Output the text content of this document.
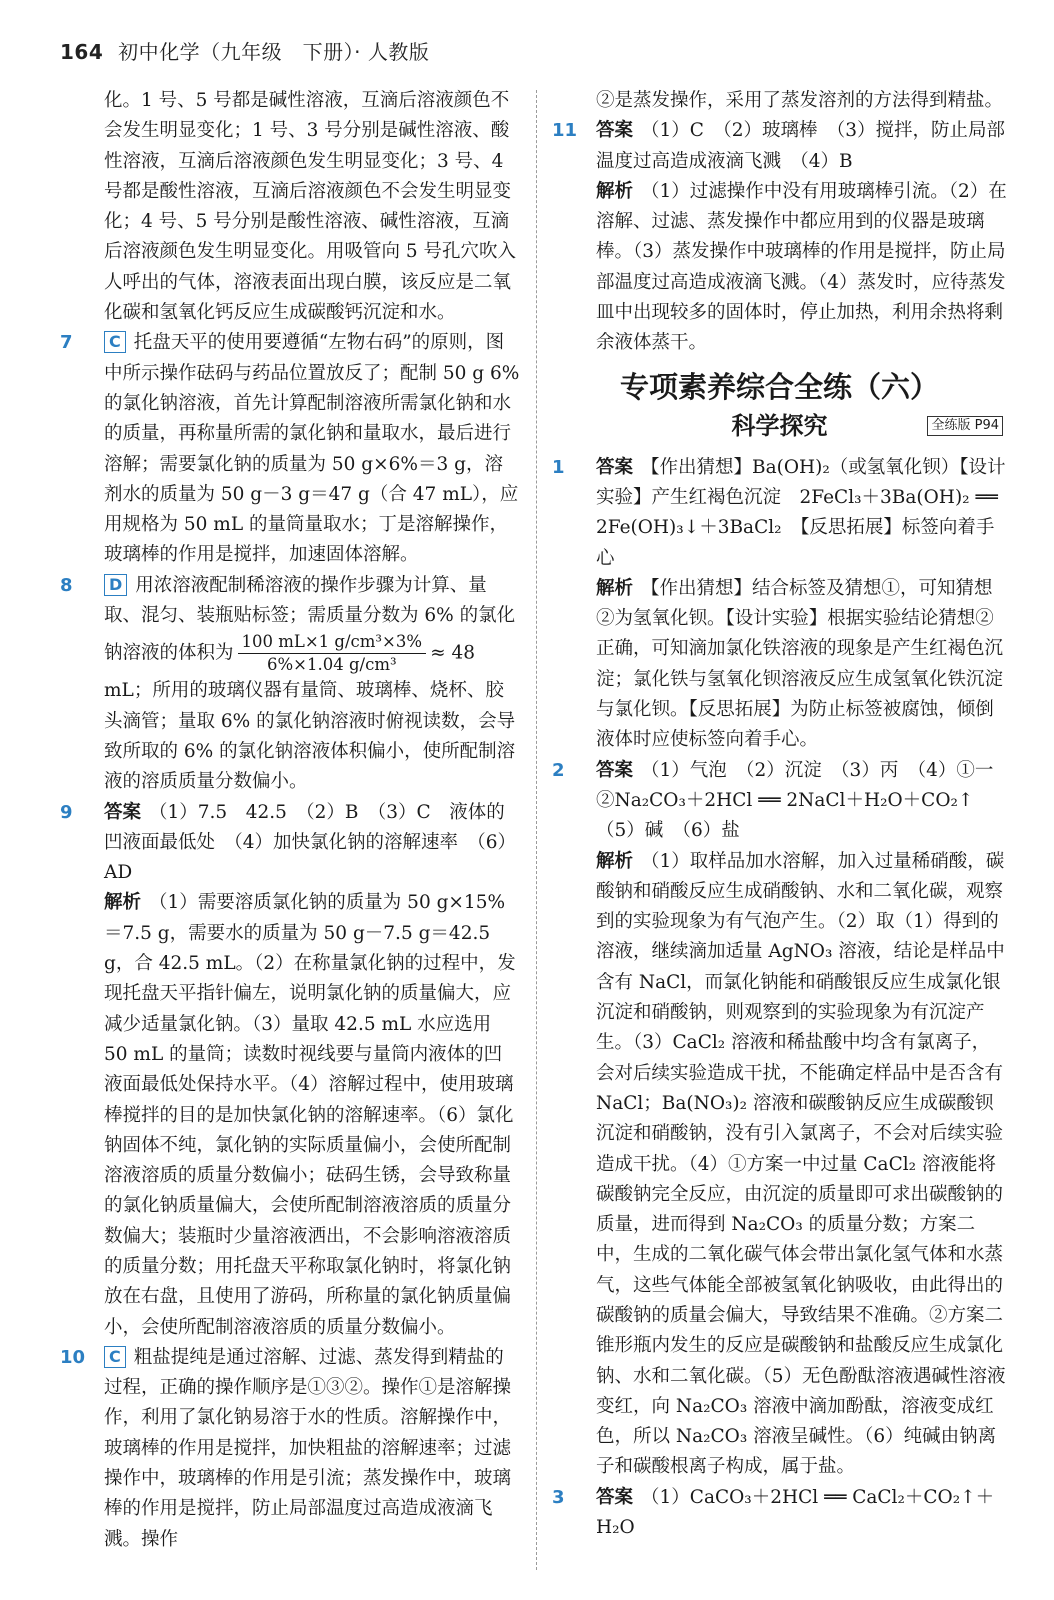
164 初中化学（九年级　下册）· 人教版
化。1 号、5 号都是碱性溶液，互滴后溶液颜色不会发生明显变化；1 号、3 号分别是碱性溶液、酸性溶液，互滴后溶液颜色发生明显变化；3 号、4 号都是酸性溶液，互滴后溶液颜色不会发生明显变化；4 号、5 号分别是酸性溶液、碱性溶液，互滴后溶液颜色发生明显变化。用吸管向 5 号孔穴吹入人呼出的气体，溶液表面出现白膜，该反应是二氧化碳和氢氧化钙反应生成碳酸钙沉淀和水。
7 C 托盘天平的使用要遵循“左物右码”的原则，图中所示操作砝码与药品位置放反了；配制 50 g 6% 的氯化钠溶液，首先计算配制溶液所需氯化钠和水的质量，再称量所需的氯化钠和量取水，最后进行溶解；需要氯化钠的质量为 50 g×6%＝3 g，溶剂水的质量为 50 g－3 g＝47 g（合 47 mL），应用规格为 50 mL 的量筒量取水；丁是溶解操作，玻璃棒的作用是搅拌，加速固体溶解。
8 D 用浓溶液配制稀溶液的操作步骤为计算、量取、混匀、装瓶贴标签；需质量分数为 6% 的氯化钠溶液的体积为 $\frac{\text{100 mL×1 g/cm³×3\%}}{\text{6\%×1.04 g/cm³}} \approx 48$ mL；所用的玻璃仪器有量筒、玻璃棒、烧杯、胶头滴管；量取 6% 的氯化钠溶液时俯视读数，会导致所取的 6% 的氯化钠溶液体积偏小，使所配制溶液的溶质质量分数偏小。
9 答案 （1）7.5　42.5　（2）B　（3）C　液体的凹液面最低处　（4）加快氯化钠的溶解速率　（6）AD
解析 （1）需要溶质氯化钠的质量为 50 g×15%＝7.5 g，需要水的质量为 50 g－7.5 g＝42.5 g，合 42.5 mL。（2）在称量氯化钠的过程中，发现托盘天平指针偏左，说明氯化钠的质量偏大，应减少适量氯化钠。（3）量取 42.5 mL 水应选用 50 mL 的量筒；读数时视线要与量筒内液体的凹液面最低处保持水平。（4）溶解过程中，使用玻璃棒搅拌的目的是加快氯化钠的溶解速率。（6）氯化钠固体不纯，氯化钠的实际质量偏小，会使所配制溶液溶质的质量分数偏小；砝码生锈，会导致称量的氯化钠质量偏大，会使所配制溶液溶质的质量分数偏大；装瓶时少量溶液洒出，不会影响溶液溶质的质量分数；用托盘天平称取氯化钠时，将氯化钠放在右盘，且使用了游码，所称量的氯化钠质量偏小，会使所配制溶液溶质的质量分数偏小。
10 C 粗盐提纯是通过溶解、过滤、蒸发得到精盐的过程，正确的操作顺序是①③②。操作①是溶解操作，利用了氯化钠易溶于水的性质。溶解操作中，玻璃棒的作用是搅拌，加快粗盐的溶解速率；过滤操作中，玻璃棒的作用是引流；蒸发操作中，玻璃棒的作用是搅拌，防止局部温度过高造成液滴飞溅。操作
②是蒸发操作，采用了蒸发溶剂的方法得到精盐。
11 答案 （1）C　（2）玻璃棒　（3）搅拌，防止局部温度过高造成液滴飞溅　（4）B
解析 （1）过滤操作中没有用玻璃棒引流。（2）在溶解、过滤、蒸发操作中都应用到的仪器是玻璃棒。（3）蒸发操作中玻璃棒的作用是搅拌，防止局部温度过高造成液滴飞溅。（4）蒸发时，应待蒸发皿中出现较多的固体时，停止加热，利用余热将剩余液体蒸干。
专项素养综合全练（六）
科学探究	全练版 P94
1 答案 【作出猜想】Ba(OH)₂（或氢氧化钡）【设计实验】产生红褐色沉淀　2FeCl₃＋3Ba(OH)₂ ══ 2Fe(OH)₃↓＋3BaCl₂　【反思拓展】标签向着手心
解析 【作出猜想】结合标签及猜想①，可知猜想②为氢氧化钡。【设计实验】根据实验结论猜想②正确，可知滴加氯化铁溶液的现象是产生红褐色沉淀；氯化铁与氢氧化钡溶液反应生成氢氧化铁沉淀与氯化钡。【反思拓展】为防止标签被腐蚀，倾倒液体时应使标签向着手心。
2 答案 （1）气泡　（2）沉淀　（3）丙　（4）①一　②Na₂CO₃＋2HCl ══ 2NaCl＋H₂O＋CO₂↑　（5）碱　（6）盐
解析 （1）取样品加水溶解，加入过量稀硝酸，碳酸钠和硝酸反应生成硝酸钠、水和二氧化碳，观察到的实验现象为有气泡产生。（2）取（1）得到的溶液，继续滴加适量 AgNO₃ 溶液，结论是样品中含有 NaCl，而氯化钠能和硝酸银反应生成氯化银沉淀和硝酸钠，则观察到的实验现象为有沉淀产生。（3）CaCl₂ 溶液和稀盐酸中均含有氯离子，会对后续实验造成干扰，不能确定样品中是否含有 NaCl；Ba(NO₃)₂ 溶液和碳酸钠反应生成碳酸钡沉淀和硝酸钠，没有引入氯离子，不会对后续实验造成干扰。（4）①方案一中过量 CaCl₂ 溶液能将碳酸钠完全反应，由沉淀的质量即可求出碳酸钠的质量，进而得到 Na₂CO₃ 的质量分数；方案二中，生成的二氧化碳气体会带出氯化氢气体和水蒸气，这些气体能全部被氢氧化钠吸收，由此得出的碳酸钠的质量会偏大，导致结果不准确。②方案二锥形瓶内发生的反应是碳酸钠和盐酸反应生成氯化钠、水和二氧化碳。（5）无色酚酞溶液遇碱性溶液变红，向 Na₂CO₃ 溶液中滴加酚酞，溶液变成红色，所以 Na₂CO₃ 溶液呈碱性。（6）纯碱由钠离子和碳酸根离子构成，属于盐。
3 答案 （1）CaCO₃＋2HCl ══ CaCl₂＋CO₂↑＋H₂O
